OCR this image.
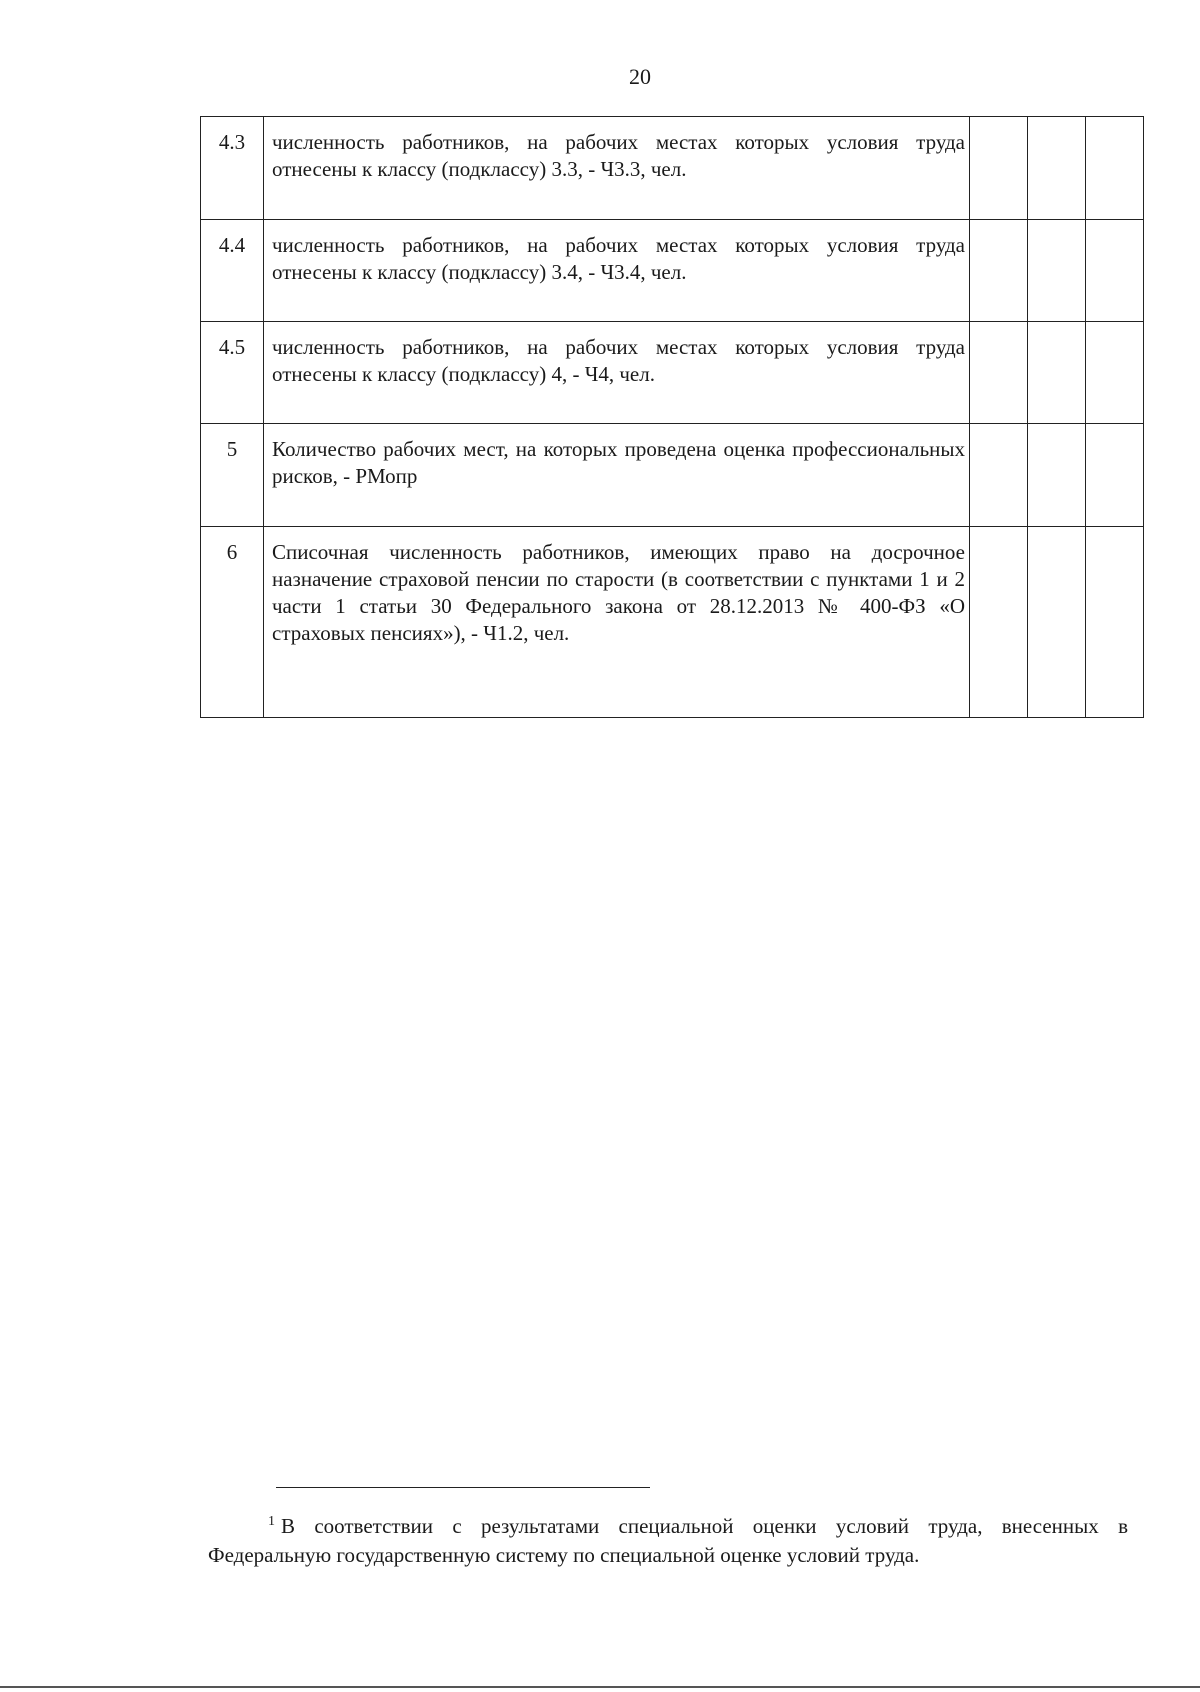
20
4.3	численность работников, на рабочих местах которых условия труда отнесены к классу (подклассу) 3.3, - Ч3.3, чел.			
4.4	численность работников, на рабочих местах которых условия труда отнесены к классу (подклассу) 3.4, - Ч3.4, чел.			
4.5	численность работников, на рабочих местах которых условия труда отнесены к классу (подклассу) 4, - Ч4, чел.			
5	Количество рабочих мест, на которых проведена оценка профессиональных рисков, - РМопр			
6	Списочная численность работников, имеющих право на досрочное назначение страховой пенсии по старости (в соответствии с пунктами 1 и 2 части 1 статьи 30 Федерального закона от 28.12.2013 № 400-ФЗ «О страховых пенсиях»), - Ч1.2, чел.			
$^1$ В соответствии с результатами специальной оценки условий труда, внесенных в Федеральную государственную систему по специальной оценке условий труда.
